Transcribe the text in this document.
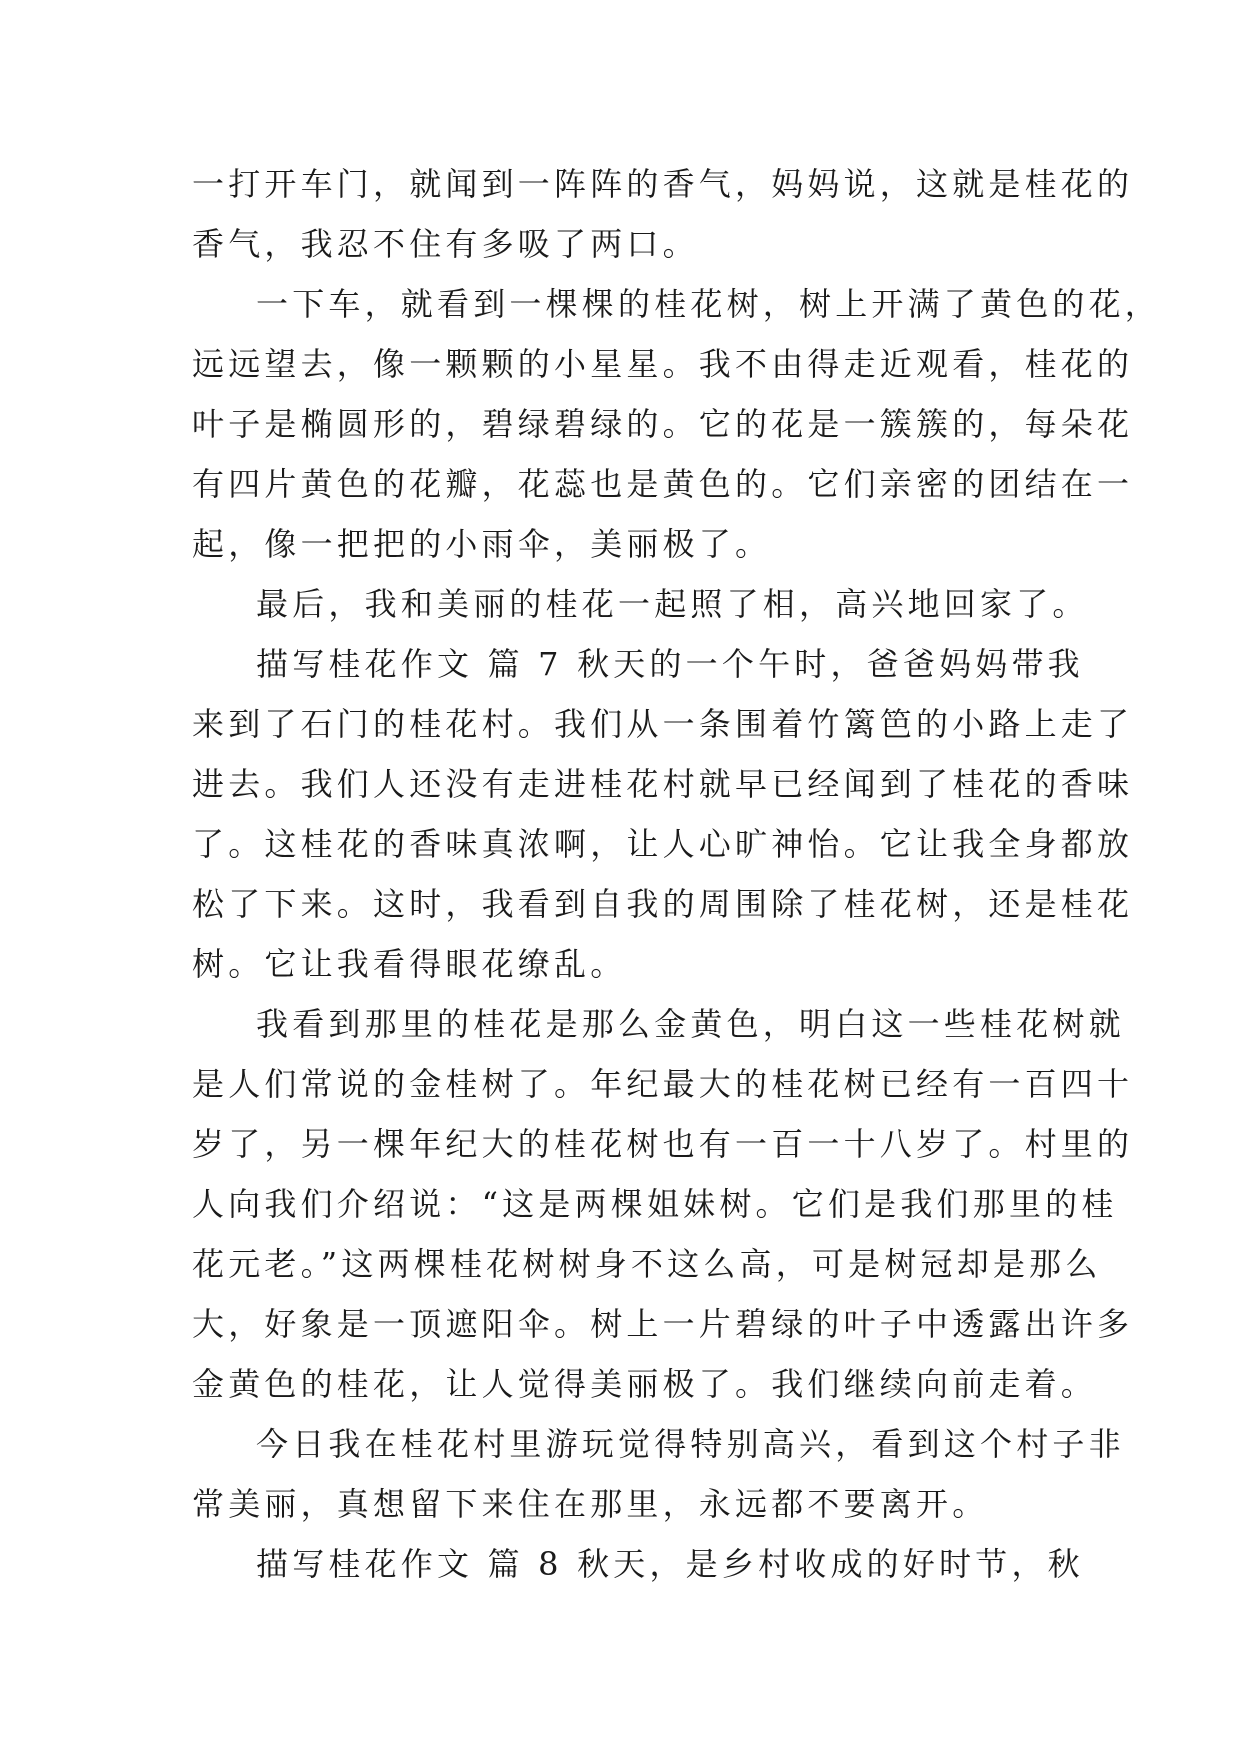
一打开车门，就闻到一阵阵的香气，妈妈说，这就是桂花的

香气，我忍不住有多吸了两口。

一下车，就看到一棵棵的桂花树，树上开满了黄色的花，

远远望去，像一颗颗的小星星。我不由得走近观看，桂花的

叶子是椭圆形的，碧绿碧绿的。它的花是一簇簇的，每朵花

有四片黄色的花瓣，花蕊也是黄色的。它们亲密的团结在一

起，像一把把的小雨伞，美丽极了。

最后，我和美丽的桂花一起照了相，高兴地回家了。

描写桂花作文 篇 7 秋天的一个午时，爸爸妈妈带我

来到了石门的桂花村。我们从一条围着竹篱笆的小路上走了

进去。我们人还没有走进桂花村就早已经闻到了桂花的香味

了。这桂花的香味真浓啊，让人心旷神怡。它让我全身都放

松了下来。这时，我看到自我的周围除了桂花树，还是桂花

树。它让我看得眼花缭乱。

我看到那里的桂花是那么金黄色，明白这一些桂花树就

是人们常说的金桂树了。年纪最大的桂花树已经有一百四十

岁了，另一棵年纪大的桂花树也有一百一十八岁了。村里的

人向我们介绍说：“这是两棵姐妹树。它们是我们那里的桂

花元老。”这两棵桂花树树身不这么高，可是树冠却是那么

大，好象是一顶遮阳伞。树上一片碧绿的叶子中透露出许多

金黄色的桂花，让人觉得美丽极了。我们继续向前走着。

今日我在桂花村里游玩觉得特别高兴，看到这个村子非

常美丽，真想留下来住在那里，永远都不要离开。

描写桂花作文 篇 8 秋天，是乡村收成的好时节，秋
